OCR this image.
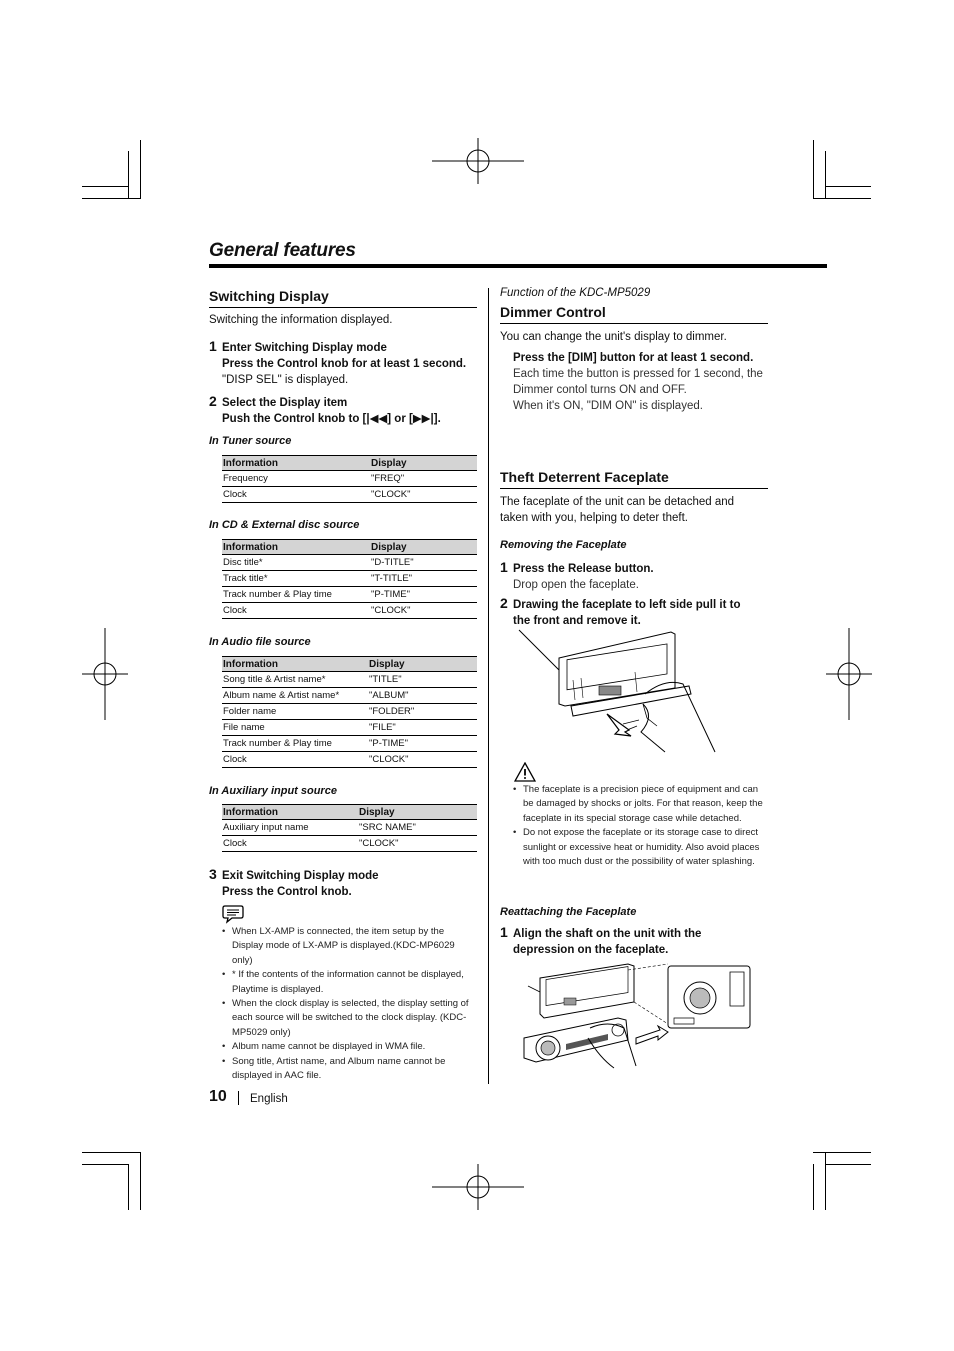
General features
Switching Display
Switching the information displayed.
1 Enter Switching Display mode
Press the Control knob for at least 1 second.
"DISP SEL" is displayed.
2 Select the Display item
Push the Control knob to [|◀◀] or [▶▶|].
In Tuner source
Information	Display
Frequency	"FREQ"
Clock	"CLOCK"
In CD & External disc source
Information	Display
Disc title*	"D-TITLE"
Track title*	"T-TITLE"
Track number & Play time	"P-TIME"
Clock	"CLOCK"
In Audio file source
Information	Display
Song title & Artist name*	"TITLE"
Album name & Artist name*	"ALBUM"
Folder name	"FOLDER"
File name	"FILE"
Track number & Play time	"P-TIME"
Clock	"CLOCK"
In Auxiliary input source
Information	Display
Auxiliary input name	"SRC NAME"
Clock	"CLOCK"
3 Exit Switching Display mode
Press the Control knob.
• When LX-AMP is connected, the item setup by the Display mode of LX-AMP is displayed.(KDC-MP6029 only)
• * If the contents of the information cannot be displayed, Playtime is displayed.
• When the clock display is selected, the display setting of each source will be switched to the clock display. (KDC-MP5029 only)
• Album name cannot be displayed in WMA file.
• Song title, Artist name, and Album name cannot be displayed in AAC file.
10 English
Function of the KDC-MP5029
Dimmer Control
You can change the unit's display to dimmer.
Press the [DIM] button for at least 1 second.
Each time the button is pressed for 1 second, the
Dimmer contol turns ON and OFF.
When it's ON, "DIM ON" is displayed.
Theft Deterrent Faceplate
The faceplate of the unit can be detached and
taken with you, helping to deter theft.
Removing the Faceplate
1 Press the Release button.
Drop open the faceplate.
2 Drawing the faceplate to left side pull it to
the front and remove it.
• The faceplate is a precision piece of equipment and can be damaged by shocks or jolts. For that reason, keep the faceplate in its special storage case while detached.
• Do not expose the faceplate or its storage case to direct sunlight or excessive heat or humidity. Also avoid places with too much dust or the possibility of water splashing.
Reattaching the Faceplate
1 Align the shaft on the unit with the
depression on the faceplate.
